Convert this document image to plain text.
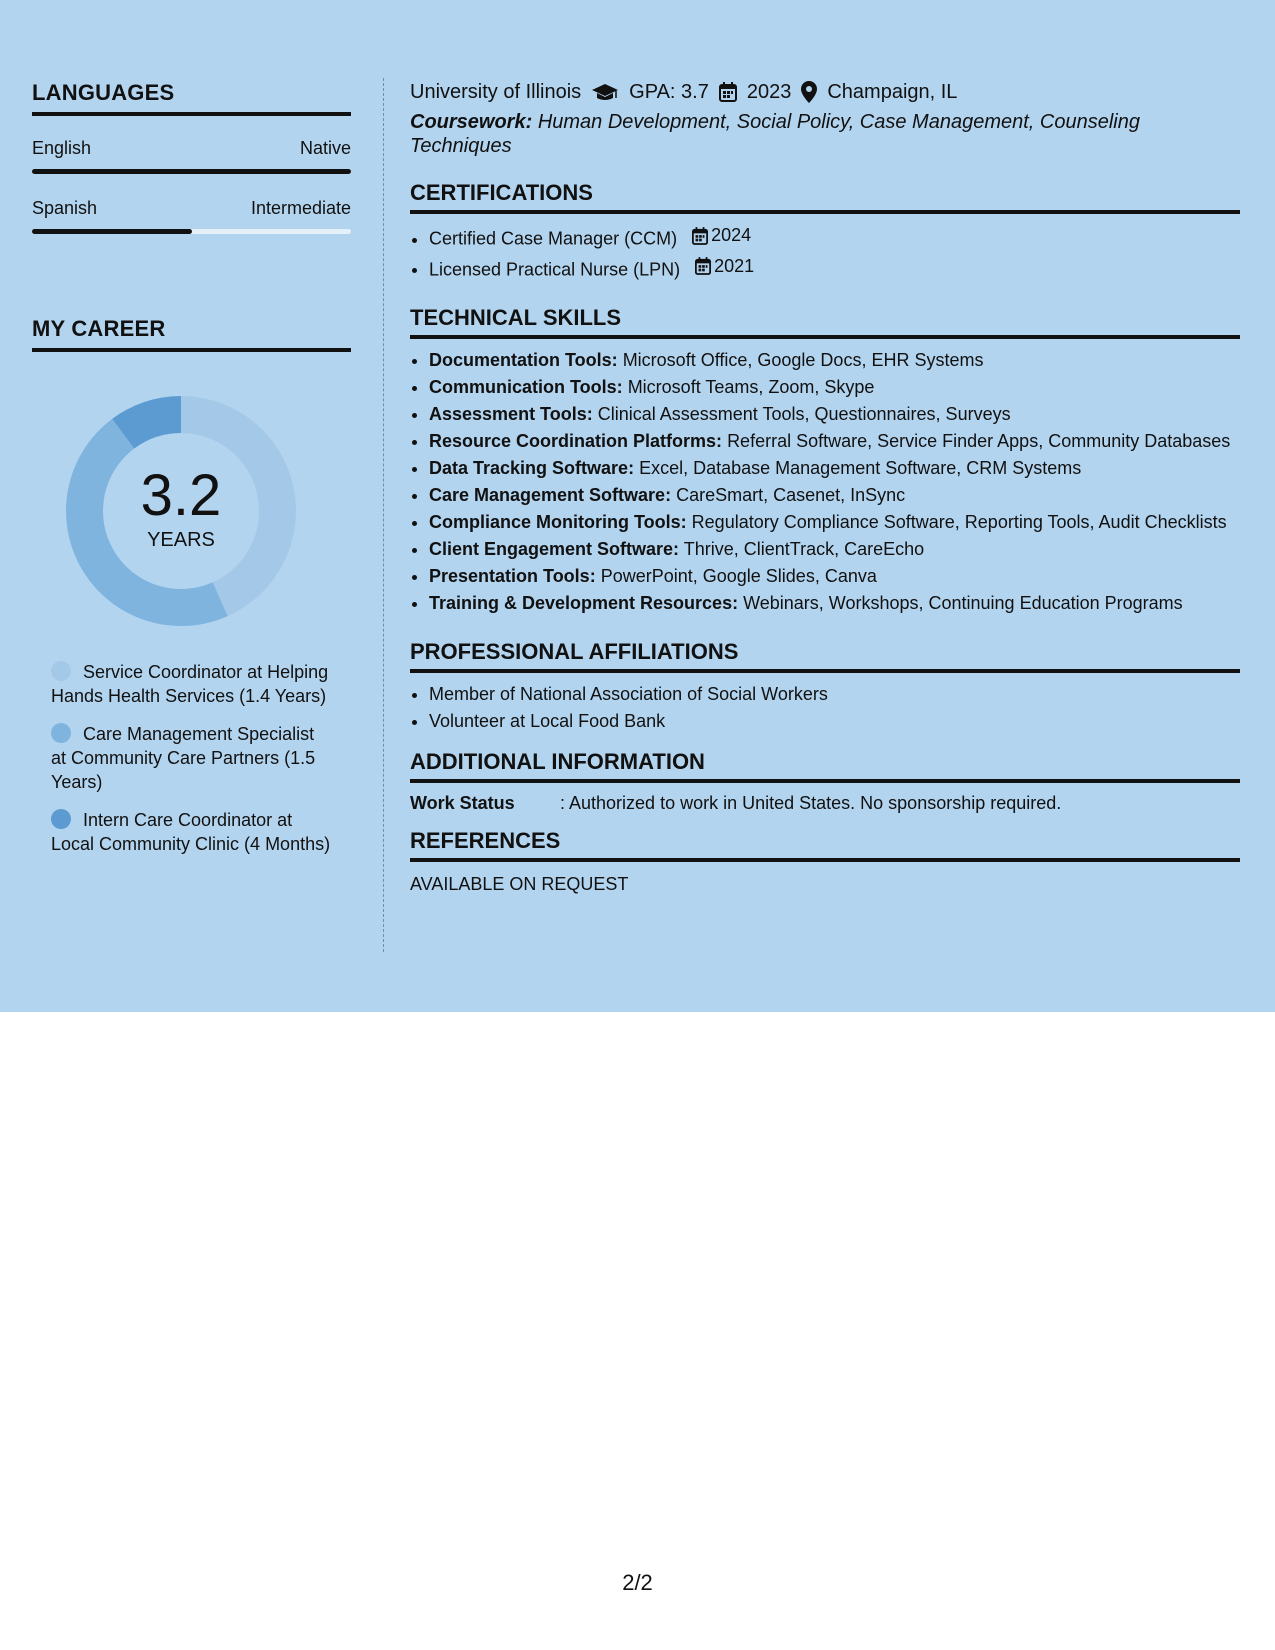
LANGUAGES
English	Native
Spanish	Intermediate
MY CAREER
3.2
YEARS
Service Coordinator at Helping Hands Health Services (1.4 Years)
Care Management Specialist at Community Care Partners (1.5 Years)
Intern Care Coordinator at Local Community Clinic (4 Months)
University of Illinois GPA: 3.7 2023 Champaign, IL
Coursework: Human Development, Social Policy, Case Management, Counseling Techniques
CERTIFICATIONS
• Certified Case Manager (CCM) 2024
• Licensed Practical Nurse (LPN) 2021
TECHNICAL SKILLS
• Documentation Tools: Microsoft Office, Google Docs, EHR Systems
• Communication Tools: Microsoft Teams, Zoom, Skype
• Assessment Tools: Clinical Assessment Tools, Questionnaires, Surveys
• Resource Coordination Platforms: Referral Software, Service Finder Apps, Community Databases
• Data Tracking Software: Excel, Database Management Software, CRM Systems
• Care Management Software: CareSmart, Casenet, InSync
• Compliance Monitoring Tools: Regulatory Compliance Software, Reporting Tools, Audit Checklists
• Client Engagement Software: Thrive, ClientTrack, CareEcho
• Presentation Tools: PowerPoint, Google Slides, Canva
• Training & Development Resources: Webinars, Workshops, Continuing Education Programs
PROFESSIONAL AFFILIATIONS
• Member of National Association of Social Workers
• Volunteer at Local Food Bank
ADDITIONAL INFORMATION
Work Status	: Authorized to work in United States. No sponsorship required.
REFERENCES
AVAILABLE ON REQUEST
2/2
